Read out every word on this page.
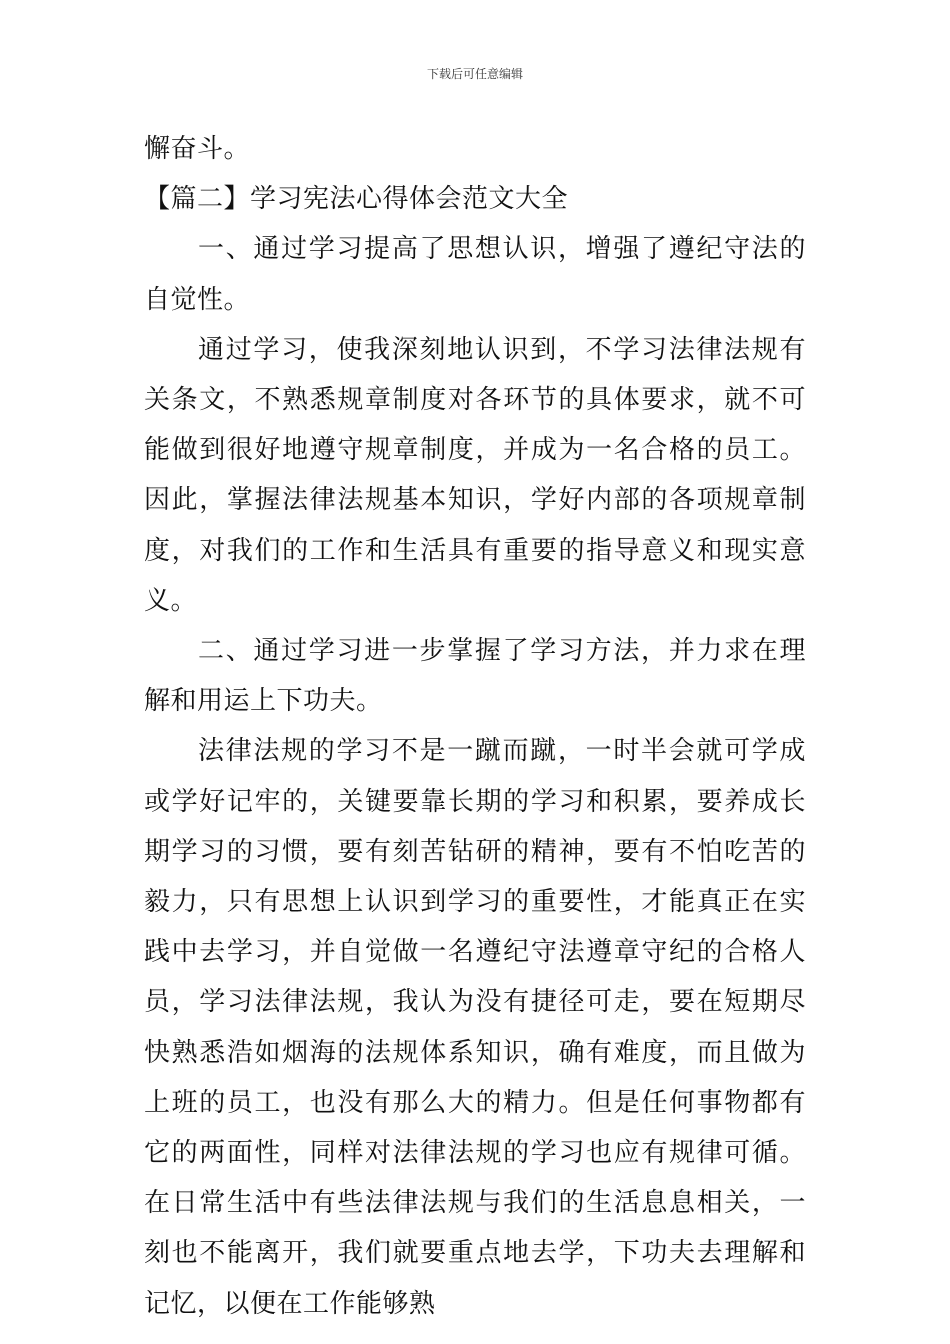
下载后可任意编辑

懈奋斗。

【篇二】学习宪法心得体会范文大全

一、通过学习提高了思想认识，增强了遵纪守法的自觉性。

通过学习，使我深刻地认识到，不学习法律法规有关条文，不熟悉规章制度对各环节的具体要求，就不可能做到很好地遵守规章制度，并成为一名合格的员工。因此，掌握法律法规基本知识，学好内部的各项规章制度，对我们的工作和生活具有重要的指导意义和现实意义。

二、通过学习进一步掌握了学习方法，并力求在理解和用运上下功夫。

法律法规的学习不是一蹴而蹴，一时半会就可学成或学好记牢的，关键要靠长期的学习和积累，要养成长期学习的习惯，要有刻苦钻研的精神，要有不怕吃苦的毅力，只有思想上认识到学习的重要性，才能真正在实践中去学习，并自觉做一名遵纪守法遵章守纪的合格人员，学习法律法规，我认为没有捷径可走，要在短期尽快熟悉浩如烟海的法规体系知识，确有难度，而且做为上班的员工，也没有那么大的精力。但是任何事物都有它的两面性，同样对法律法规的学习也应有规律可循。在日常生活中有些法律法规与我们的生活息息相关，一刻也不能离开，我们就要重点地去学，下功夫去理解和记忆，以便在工作能够熟
